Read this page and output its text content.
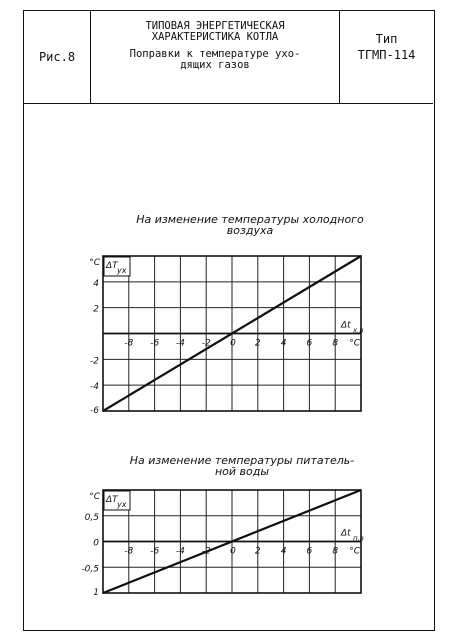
Рис.8
ТИПОВАЯ ЭНЕРГЕТИЧЕСКАЯ
ХАРАКТЕРИСТИКА КОТЛА
Поправки к температуре ухо-
дящих газов
Тип
ТГМП-114
На изменение температуры холодного
воздуха
На изменение температуры питатель-
ной воды
-8 -6 -4 -2 0 2 4 6 8
4
2
-2
-4
-6
°C ΔT ух
Δt х.в
°C
-8 -6 -4 -2 0 2 4 6 8
0,5
0
-0,5
1
°C ΔT ух
Δt п.в
°C
